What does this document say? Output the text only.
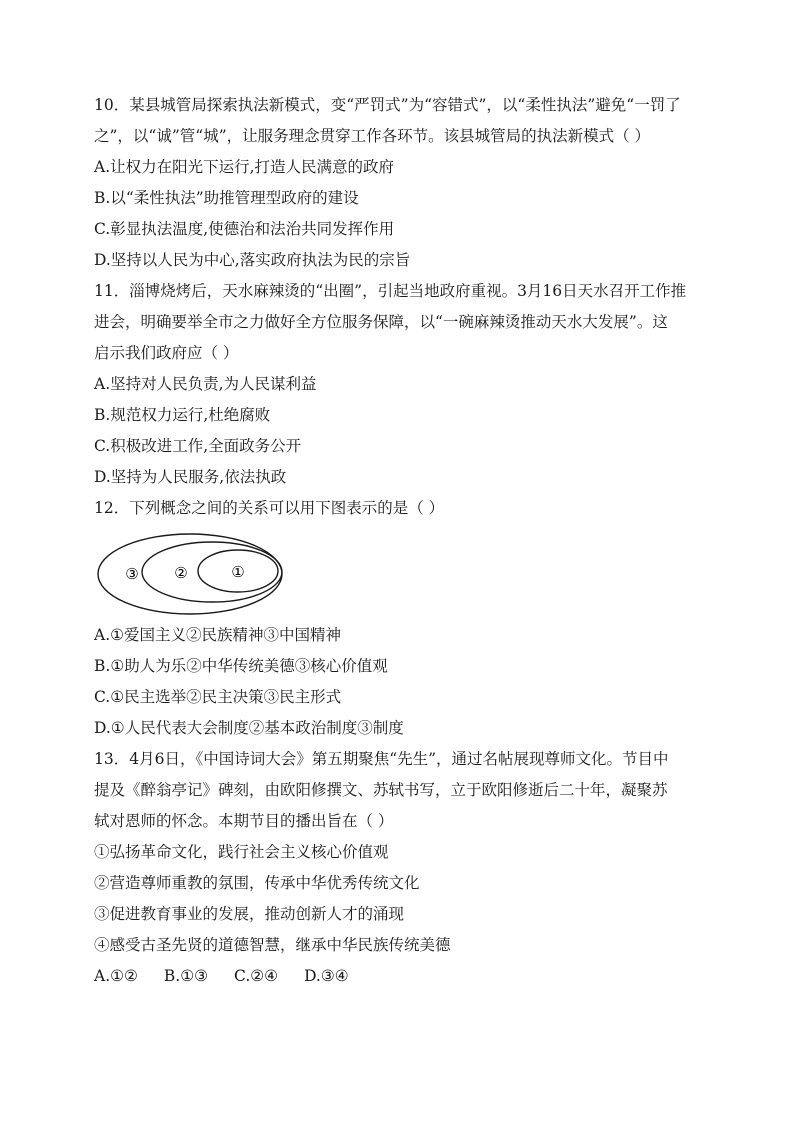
10．某县城管局探索执法新模式，变“严罚式”为“容错式”，以“柔性执法”避免“一罚了
之”，以“诚”管“城”，让服务理念贯穿工作各环节。该县城管局的执法新模式（ ）
A.让权力在阳光下运行,打造人民满意的政府
B.以“柔性执法”助推管理型政府的建设
C.彰显执法温度,使德治和法治共同发挥作用
D.坚持以人民为中心,落实政府执法为民的宗旨
11．淄博烧烤后，天水麻辣烫的“出圈”，引起当地政府重视。3月16日天水召开工作推
进会，明确要举全市之力做好全方位服务保障，以“一碗麻辣烫推动天水大发展”。这
启示我们政府应（ ）
A.坚持对人民负责,为人民谋利益
B.规范权力运行,杜绝腐败
C.积极改进工作,全面政务公开
D.坚持为人民服务,依法执政
12．下列概念之间的关系可以用下图表示的是（ ）
③ ②	①
A.①爱国主义②民族精神③中国精神
B.①助人为乐②中华传统美德③核心价值观
C.①民主选举②民主决策③民主形式
D.①人民代表大会制度②基本政治制度③制度
13．4月6日，《中国诗词大会》第五期聚焦“先生”，通过名帖展现尊师文化。节目中
提及《醉翁亭记》碑刻，由欧阳修撰文、苏轼书写，立于欧阳修逝后二十年，凝聚苏
轼对恩师的怀念。本期节目的播出旨在（ ）
①弘扬革命文化，践行社会主义核心价值观
②营造尊师重教的氛围，传承中华优秀传统文化
③促进教育事业的发展，推动创新人才的涌现
④感受古圣先贤的道德智慧，继承中华民族传统美德
A.①② B.①③ C.②④ D.③④
